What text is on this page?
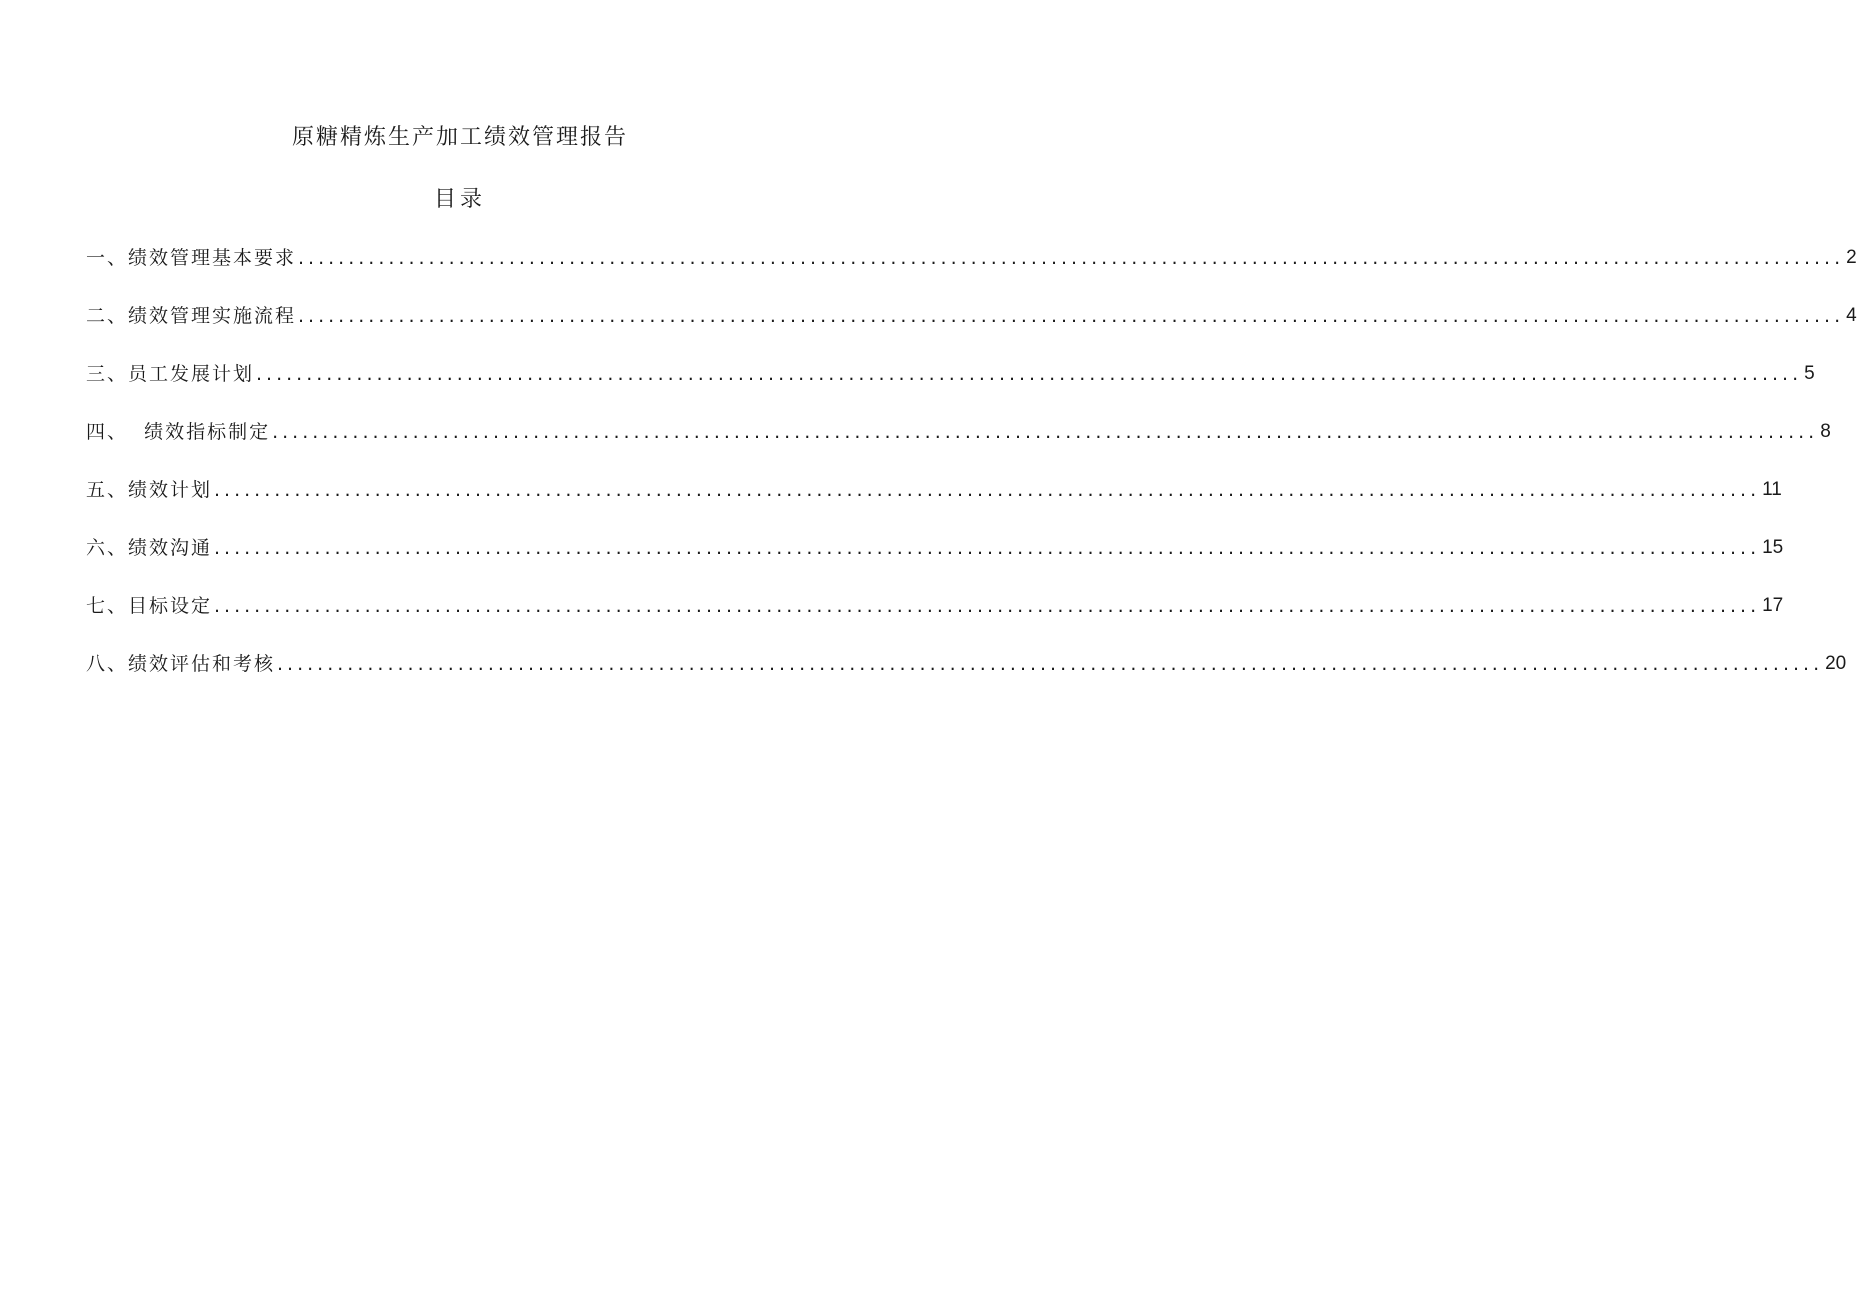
原糖精炼生产加工绩效管理报告
目录
一、绩效管理基本要求 .......................................................................................................................................................... 2
二、绩效管理实施流程 .......................................................................................................................................................... 4
三、员工发展计划 .......................................................................................................................................................... 5
四、  绩效指标制定 .......................................................................................................................................................... 8
五、绩效计划 .......................................................................................................................................................... 11
六、绩效沟通 .......................................................................................................................................................... 15
七、目标设定 .......................................................................................................................................................... 17
八、绩效评估和考核 .......................................................................................................................................................... 20
